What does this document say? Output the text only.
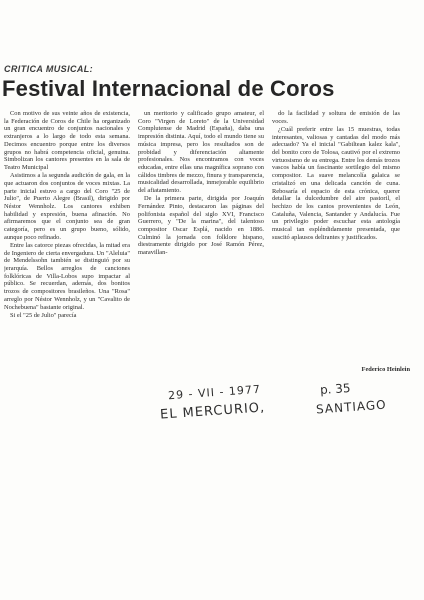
CRITICA MUSICAL:

Festival Internacional de Coros

Con motivo de sus veinte años de existencia, la Federación de Coros de Chile ha organizado un gran encuentro de conjuntos nacionales y extranjeros a lo largo de todo esta semana. Decimos encuentro porque entre los diversos grupos no habrá competencia oficial, genuina. Simbolizan los cantores presentes en la sala de Teatro Municipal

Asistimos a la segunda audición de gala, en la que actuaron dos conjuntos de voces mixtas. La parte inicial estuvo a cargo del Coro "25 de Julio", de Puerto Alegre (Brasil), dirigido por Néstor Wennholz. Los cantores exhiben habilidad y expresión, buena afinación. No afirmaremos que el conjunto sea de gran categoría, pero es un grupo bueno, sólido, aunque poco refinado.

Entre las catorce piezas ofrecidas, la mitad era de Ingeniero de cierta envergadura. Un "Aleluia" de Mendelssohn también se distinguió por su jerarquía. Bellos arreglos de canciones folklóricas de Villa-Lobos supo impactar al público. Se recuerdan, además, dos bonitos trozos de compositores brasileños. Una "Rosa" arreglo por Néstor Wennholz, y un "Cavalito de Nochebuena" bastante original.

Si el "25 de Julio" parecía

un meritorio y calificado grupo amateur, el Coro "Virgen de Loreto" de la Universidad Complutense de Madrid (España), daba una impresión distinta. Aquí, todo el mundo tiene su música impresa, pero los resultados son de probidad y diferenciación altamente profesionales. Nos encontramos con voces educadas, entre ellas una magnífica soprano con cálidos timbres de mezzo, finura y transparencia, musicalidad desarrollada, inmejorable equilibrio del afiatamiento.

De la primera parte, dirigida por Joaquín Fernández Pinto, destacaron las páginas del polifonista español del siglo XVI, Francisco Guerrero, y "De la marina", del talentoso compositor Oscar Esplá, nacido en 1886. Culminó la jornada con folklore hispano, diestramente dirigido por José Ramón Pérez, maravillan-

do la facilidad y soltura de emisión de las voces.

¿Cuál preferir entre las 15 muestras, todas interesantes, valiosas y cantadas del modo más adecuado? Ya el inicial "Gabiltean kalez kala", del bonito coro de Tolosa, cautivó por el extremo virtuosismo de su entrega. Entre los demás trozos vascos había un fascinante sortilegio del mismo compositor. La suave melancolía galaica se cristalizó en una delicada canción de cuna. Rebosaría el espacio de esta crónica, querer detallar la dulcedumbre del aire pastoril, el hechizo de los cantos provenientes de León, Cataluña, Valencia, Santander y Andalucía. Fue un privilegio poder escuchar esta antología musical tan espléndidamente presentada, que suscitó aplausos delirantes y justificados.

Federico Heinlein

29 - VII - 1977

EL MERCURIO,

p. 35

SANTIAGO
